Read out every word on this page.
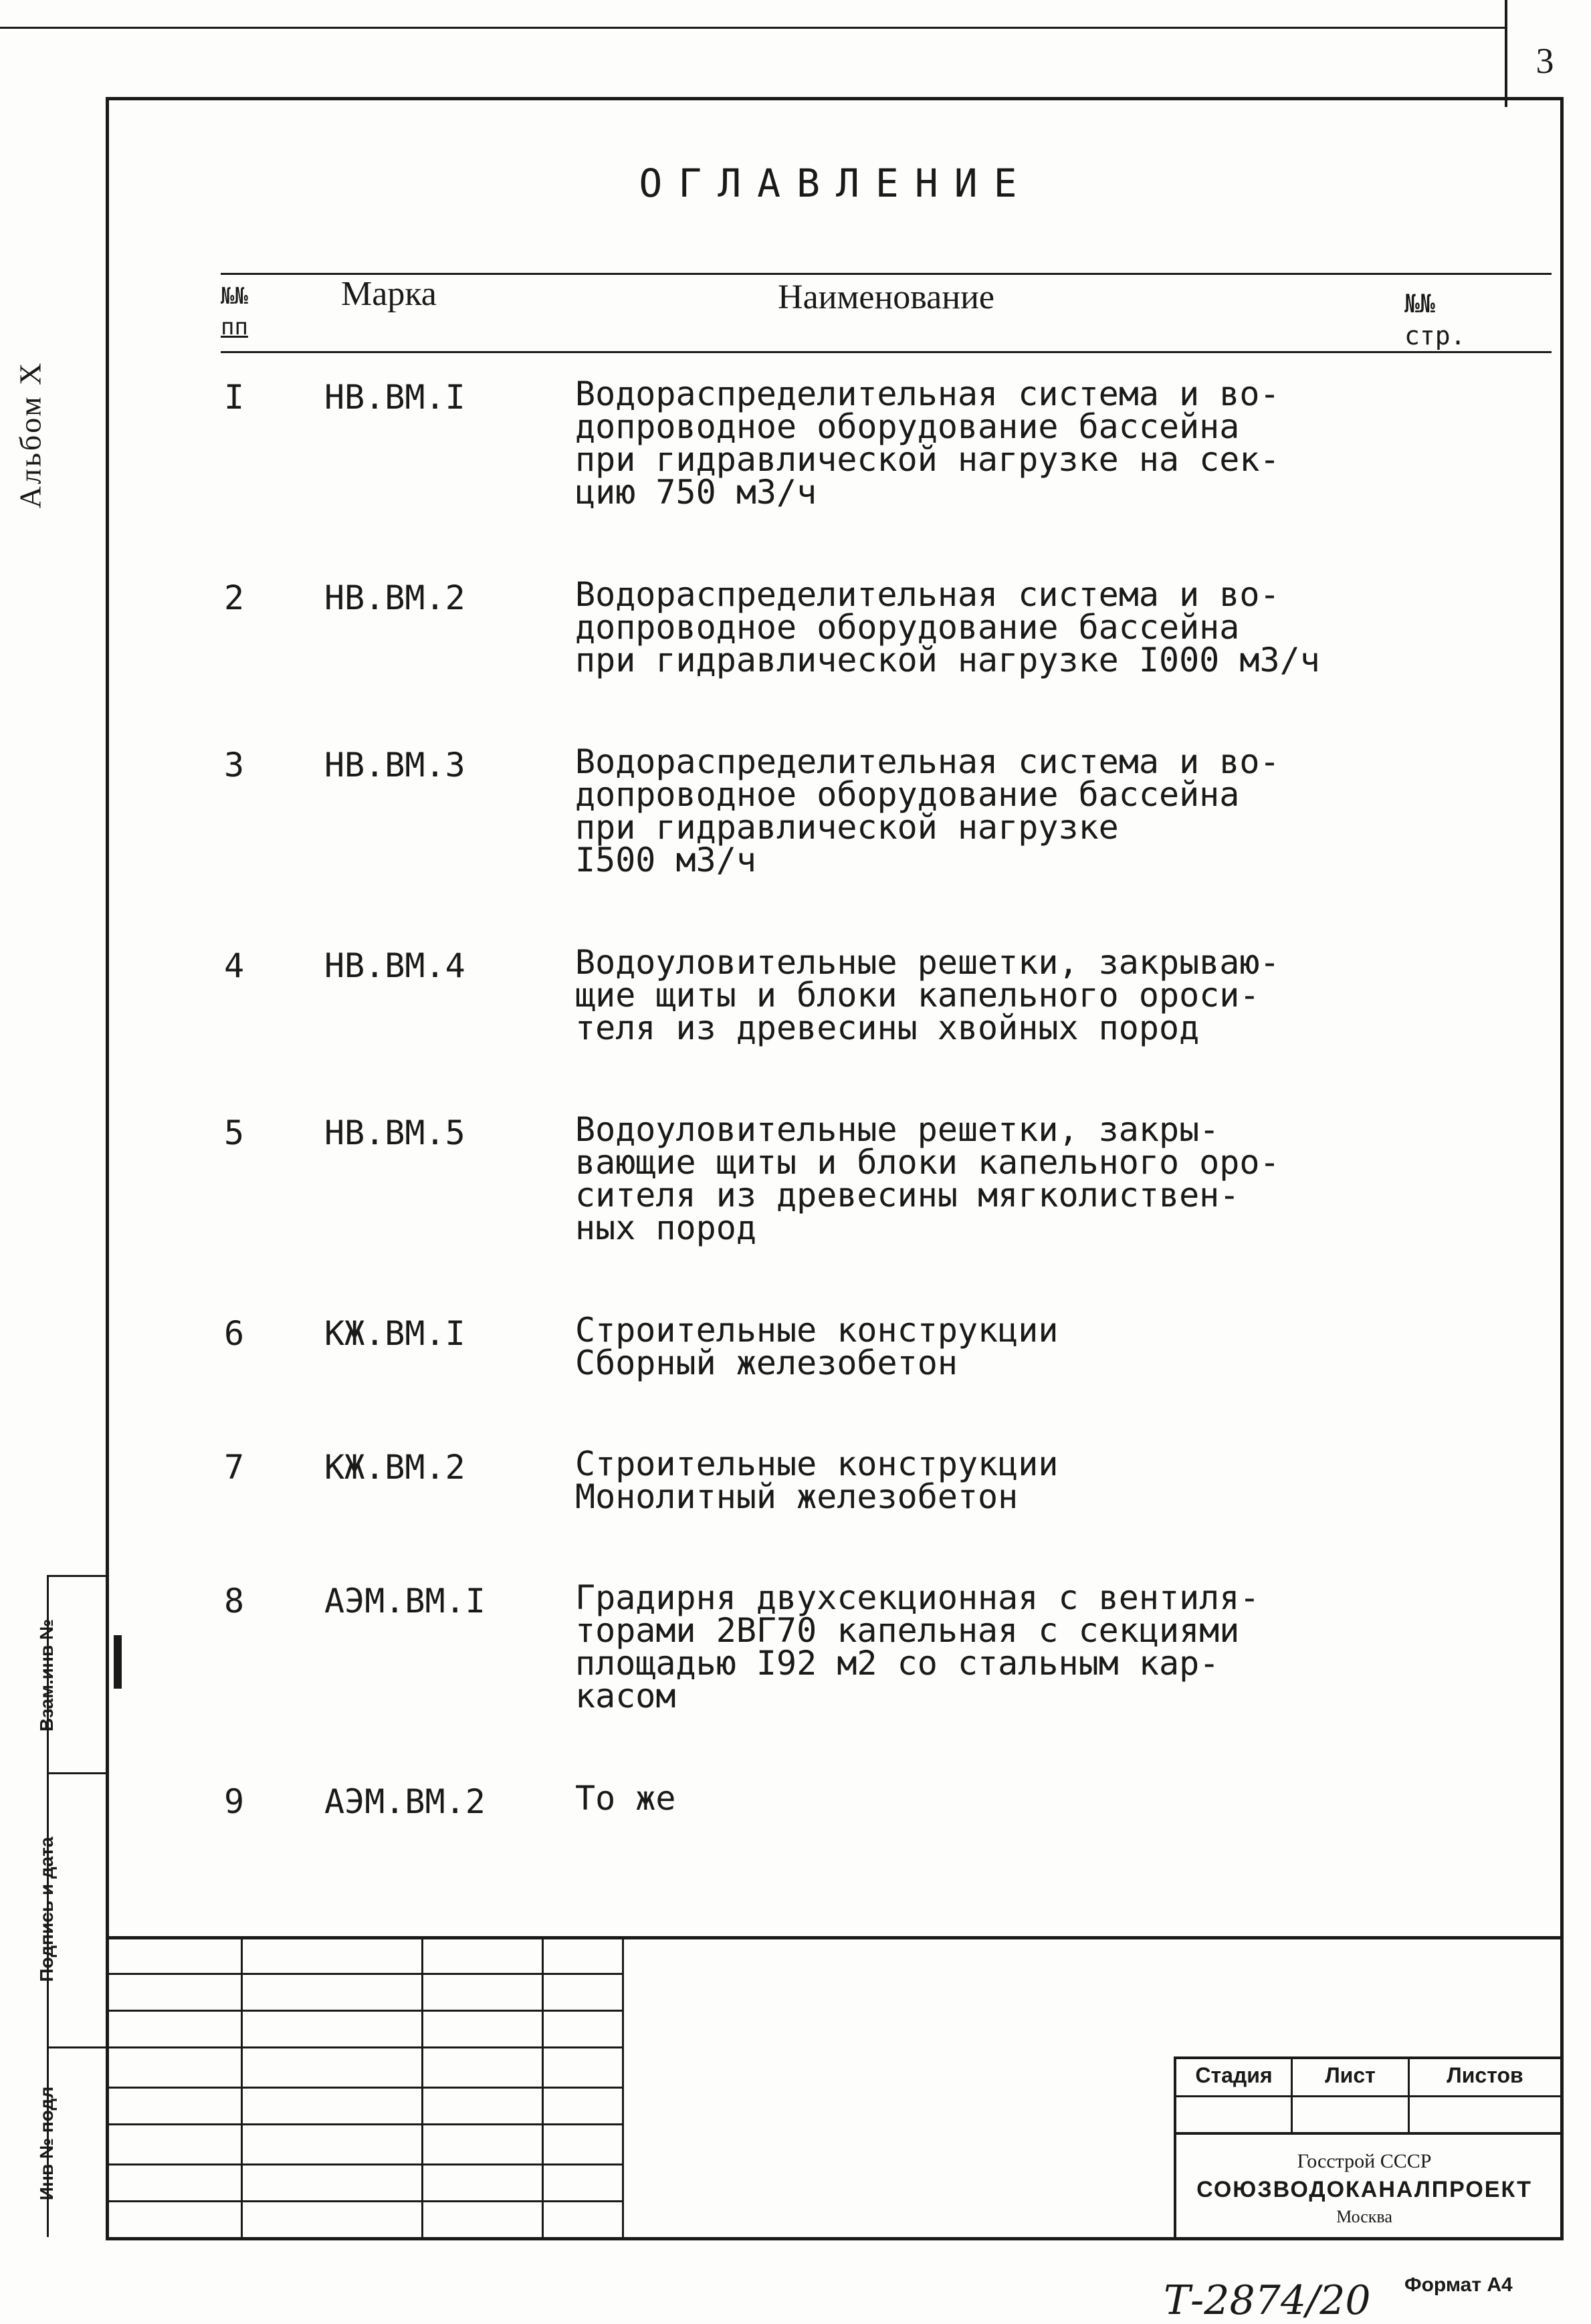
3
Альбом X
Взам.инв №
Подпись и дата
Инв № подл
ОГЛАВЛЕНИЕ
№№
пп
Марка	Наименование	№№
стр.
I НВ.ВМ.I	Водораспределительная система и во-
допроводное оборудование бассейна
при гидравлической нагрузке на сек-
цию 750 м3/ч
2 НВ.ВМ.2	Водораспределительная система и во-
допроводное оборудование бассейна
при гидравлической нагрузке I000 м3/ч
3 НВ.ВМ.3	Водораспределительная система и во-
допроводное оборудование бассейна
при гидравлической нагрузке
I500 м3/ч
4 НВ.ВМ.4	Водоуловительные решетки, закрываю-
щие щиты и блоки капельного ороси-
теля из древесины хвойных пород
5 НВ.ВМ.5	Водоуловительные решетки, закры-
вающие щиты и блоки капельного оро-
сителя из древесины мягколиствен-
ных пород
6 КЖ.ВМ.I	Строительные конструкции
Сборный железобетон
7 КЖ.ВМ.2	Строительные конструкции
Монолитный железобетон
8 АЭМ.ВМ.I	Градирня двухсекционная с вентиля-
торами 2ВГ70 капельная с секциями
площадью I92 м2 со стальным кар-
касом
9 АЭМ.ВМ.2	То же
Стадия	Лист	Листов
Госстрой СССР
СОЮЗВОДОКАНАЛПРОЕКТ
Москва
Т-2874/20 Формат А4
